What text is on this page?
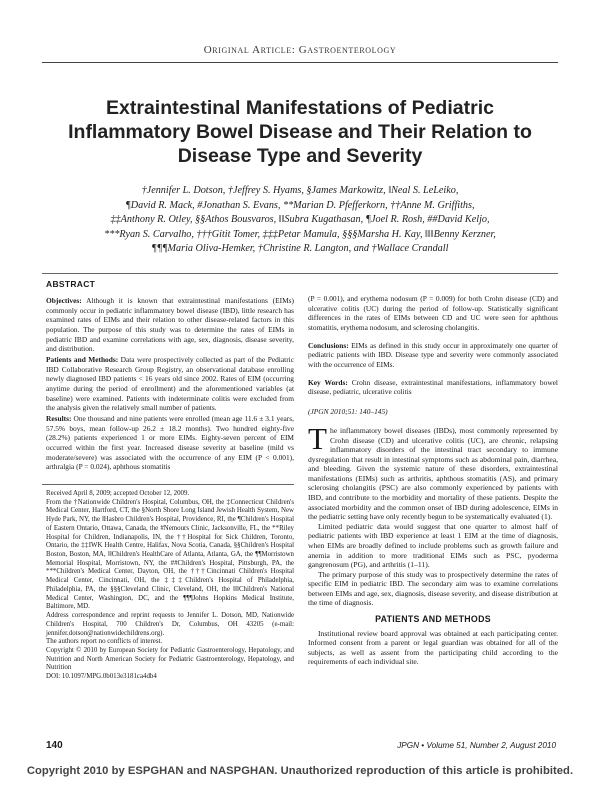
Original Article: Gastroenterology
Extraintestinal Manifestations of Pediatric Inflammatory Bowel Disease and Their Relation to Disease Type and Severity
†Jennifer L. Dotson, †Jeffrey S. Hyams, §James Markowitz, ‖Neal S. LeLeiko,
¶David R. Mack, #Jonathan S. Evans, **Marian D. Pfefferkorn, ††Anne M. Griffiths,
‡‡Anthony R. Otley, §§Athos Bousvaros, ‖‖Subra Kugathasan, ¶Joel R. Rosh, ##David Keljo,
***Ryan S. Carvalho, †††Gitit Tomer, ‡‡‡Petar Mamula, §§§Marsha H. Kay, ‖‖‖Benny Kerzner,
¶¶¶Maria Oliva-Hemker, †Christine R. Langton, and †Wallace Crandall
ABSTRACT

Objectives: Although it is known that extraintestinal manifestations (EIMs) commonly occur in pediatric inflammatory bowel disease (IBD), little research has examined rates of EIMs and their relation to other disease-related factors in this population. The purpose of this study was to determine the rates of EIMs in pediatric IBD and examine correlations with age, sex, diagnosis, disease severity, and distribution.

Patients and Methods: Data were prospectively collected as part of the Pediatric IBD Collaborative Research Group Registry, an observational database enrolling newly diagnosed IBD patients < 16 years old since 2002. Rates of EIM (occurring anytime during the period of enrollment) and the aforementioned variables (at baseline) were examined. Patients with indeterminate colitis were excluded from the analysis given the relatively small number of patients.

Results: One thousand and nine patients were enrolled (mean age 11.6 ± 3.1 years, 57.5% boys, mean follow-up 26.2 ± 18.2 months). Two hundred eighty-five (28.2%) patients experienced 1 or more EIMs. Eighty-seven percent of EIM occurred within the first year. Increased disease severity at baseline (mild vs moderate/severe) was associated with the occurrence of any EIM (P < 0.001), arthralgia (P = 0.024), aphthous stomatitis

(P = 0.001), and erythema nodosum (P = 0.009) for both Crohn disease (CD) and ulcerative colitis (UC) during the period of follow-up. Statistically significant differences in the rates of EIMs between CD and UC were seen for aphthous stomatitis, erythema nodosum, and sclerosing cholangitis.

Conclusions: EIMs as defined in this study occur in approximately one quarter of pediatric patients with IBD. Disease type and severity were commonly associated with the occurrence of EIMs.

Key Words: Crohn disease, extraintestinal manifestations, inflammatory bowel disease, pediatric, ulcerative colitis

(JPGN 2010;51: 140–145)

Received April 8, 2009; accepted October 12, 2009.

From the †Nationwide Children's Hospital, Columbus, OH, the ‡Connecticut Children's Medical Center, Hartford, CT, the §North Shore Long Island Jewish Health System, New Hyde Park, NY, the ‖Hasbro Children's Hospital, Providence, RI, the ¶Children's Hospital of Eastern Ontario, Ottawa, Canada, the #Nemours Clinic, Jacksonville, FL, the **Riley Hospital for Children, Indianapolis, IN, the ††Hospital for Sick Children, Toronto, Ontario, the ‡‡IWK Health Centre, Halifax, Nova Scotia, Canada, §§Children's Hospital Boston, Boston, MA, ‖‖Children's HealthCare of Atlanta, Atlanta, GA, the ¶¶Morristown Memorial Hospital, Morristown, NY, the ##Children's Hospital, Pittsburgh, PA, the ***Children's Medical Center, Dayton, OH, the †††Cincinnati Children's Hospital Medical Center, Cincinnati, OH, the ‡‡‡Children's Hospital of Philadelphia, Philadelphia, PA, the §§§Cleveland Clinic, Cleveland, OH, the ‖‖‖Children's National Medical Center, Washington, DC, and the ¶¶¶Johns Hopkins Medical Institute, Baltimore, MD.

Address correspondence and reprint requests to Jennifer L. Dotson, MD, Nationwide Children's Hospital, 700 Children's Dr, Columbus, OH 43205 (e-mail: jennifer.dotson@nationwidechildrens.org).

The authors report no conflicts of interest.

Copyright © 2010 by European Society for Pediatric Gastroenterology, Hepatology, and Nutrition and North American Society for Pediatric Gastroenterology, Hepatology, and Nutrition

DOI: 10.1097/MPG.0b013e3181ca4db4

The inflammatory bowel diseases (IBDs), most commonly represented by Crohn disease (CD) and ulcerative colitis (UC), are chronic, relapsing inflammatory disorders of the intestinal tract secondary to immune dysregulation that result in intestinal symptoms such as abdominal pain, diarrhea, and bleeding. Given the systemic nature of these disorders, extraintestinal manifestations (EIMs) such as arthritis, aphthous stomatitis (AS), and primary sclerosing cholangitis (PSC) are also commonly experienced by patients with IBD, and contribute to the morbidity and mortality of these patients. Despite the associated morbidity and the common onset of IBD during adolescence, EIMs in the pediatric setting have only recently begun to be systematically evaluated (1).

Limited pediatric data would suggest that one quarter to almost half of pediatric patients with IBD experience at least 1 EIM at the time of diagnosis, when EIMs are broadly defined to include problems such as growth failure and anemia in addition to more traditional EIMs such as PSC, pyoderma gangrenosum (PG), and arthritis (1–11).

The primary purpose of this study was to prospectively determine the rates of specific EIM in pediatric IBD. The secondary aim was to examine correlations between EIMs and age, sex, diagnosis, disease severity, and disease distribution at the time of diagnosis.

PATIENTS AND METHODS

Institutional review board approval was obtained at each participating center. Informed consent from a parent or legal guardian was obtained for all of the subjects, as well as assent from the participating child according to the requirements of each individual site.

140	JPGN • Volume 51, Number 2, August 2010
Copyright 2010 by ESPGHAN and NASPGHAN. Unauthorized reproduction of this article is prohibited.
